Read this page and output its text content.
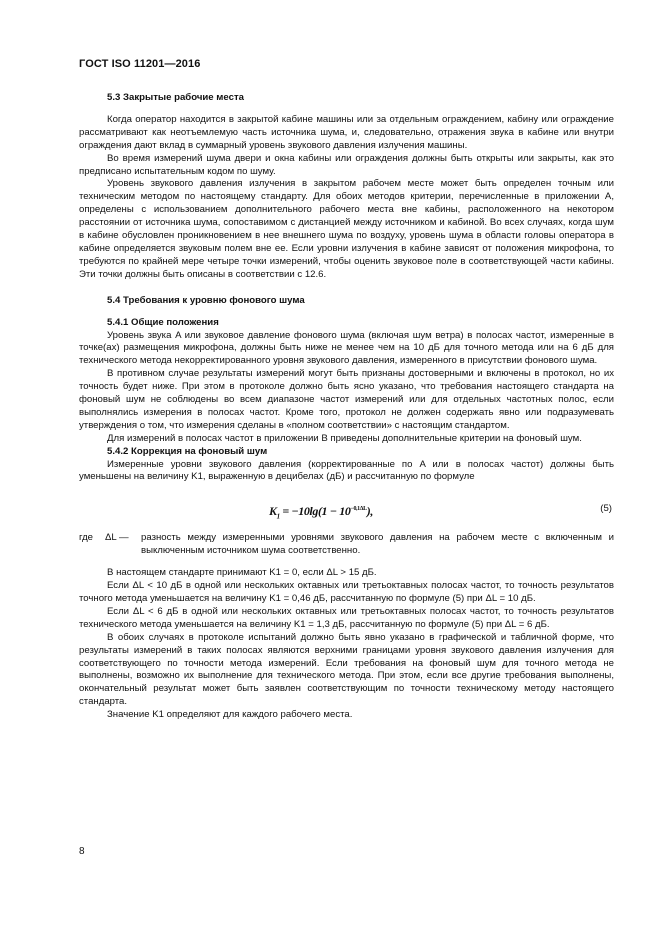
ГОСТ ISO 11201—2016

5.3 Закрытые рабочие места

Когда оператор находится в закрытой кабине машины или за отдельным ограждением, кабину или ограждение рассматривают как неотъемлемую часть источника шума, и, следовательно, отражения звука в кабине или внутри ограждения дают вклад в суммарный уровень звукового давления излучения машины.

Во время измерений шума двери и окна кабины или ограждения должны быть открыты или закрыты, как это предписано испытательным кодом по шуму.

Уровень звукового давления излучения в закрытом рабочем месте может быть определен точным или техническим методом по настоящему стандарту. Для обоих методов критерии, перечисленные в приложении А, определены с использованием дополнительного рабочего места вне кабины, расположенного на некотором расстоянии от источника шума, сопоставимом с дистанцией между источником и кабиной. Во всех случаях, когда шум в кабине обусловлен проникновением в нее внешнего шума по воздуху, уровень шума в области головы оператора в кабине определяется звуковым полем вне ее. Если уровни излучения в кабине зависят от положения микрофона, то требуются по крайней мере четыре точки измерений, чтобы оценить звуковое поле в соответствующей части кабины. Эти точки должны быть описаны в соответствии с 12.6.

5.4 Требования к уровню фонового шума

5.4.1 Общие положения

Уровень звука A или звуковое давление фонового шума (включая шум ветра) в полосах частот, измеренные в точке(ах) размещения микрофона, должны быть ниже не менее чем на 10 дБ для точного метода или на 6 дБ для технического метода некорректированного уровня звукового давления, измеренного в присутствии фонового шума.

В противном случае результаты измерений могут быть признаны достоверными и включены в протокол, но их точность будет ниже. При этом в протоколе должно быть ясно указано, что требования настоящего стандарта на фоновый шум не соблюдены во всем диапазоне частот измерений или для отдельных частотных полос, если выполнялись измерения в полосах частот. Кроме того, протокол не должен содержать явно или подразумевать утверждения о том, что измерения сделаны в «полном соответствии» с настоящим стандартом.

Для измерений в полосах частот в приложении В приведены дополнительные критерии на фоновый шум.

5.4.2 Коррекция на фоновый шум

Измеренные уровни звукового давления (корректированные по A или в полосах частот) должны быть уменьшены на величину K1, выраженную в децибелах (дБ) и рассчитанную по формуле

$K_1 = -10\lg(1 - 10^{-0,1\Delta L})$,	(5)
где	ΔL —	разность между измеренными уровнями звукового давления на рабочем месте с включенным и выключенным источником шума соответственно.

В настоящем стандарте принимают K1 = 0, если ΔL > 15 дБ.

Если ΔL < 10 дБ в одной или нескольких октавных или третьоктавных полосах частот, то точность результатов точного метода уменьшается на величину K1 = 0,46 дБ, рассчитанную по формуле (5) при ΔL = 10 дБ.

Если ΔL < 6 дБ в одной или нескольких октавных или третьоктавных полосах частот, то точность результатов технического метода уменьшается на величину K1 = 1,3 дБ, рассчитанную по формуле (5) при ΔL = 6 дБ.

В обоих случаях в протоколе испытаний должно быть явно указано в графической и табличной форме, что результаты измерений в таких полосах являются верхними границами уровня звукового давления излучения для соответствующего по точности метода измерений. Если требования на фоновый шум для точного метода не выполнены, возможно их выполнение для технического метода. При этом, если все другие требования выполнены, окончательный результат может быть заявлен соответствующим по точности техническому методу настоящего стандарта.

Значение K1 определяют для каждого рабочего места.

8
